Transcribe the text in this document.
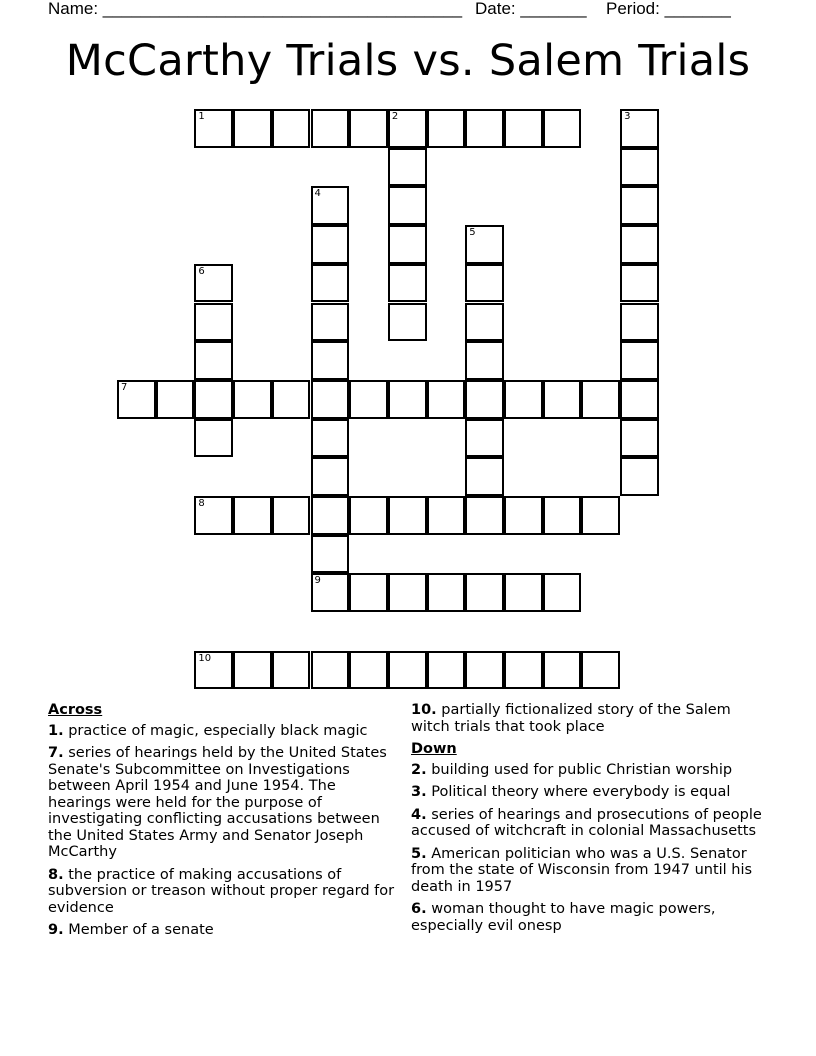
Name: ______________________________________ Date: _______ Period: _______
McCarthy Trials vs. Salem Trials
1	2	3
4
5
6
7
8
9
10
Across
1. practice of magic, especially black magic
7. series of hearings held by the United States Senate's Subcommittee on Investigations between April 1954 and June 1954. The hearings were held for the purpose of investigating conflicting accusations between the United States Army and Senator Joseph McCarthy
8. the practice of making accusations of subversion or treason without proper regard for evidence
9. Member of a senate
10. partially fictionalized story of the Salem witch trials that took place
Down
2. building used for public Christian worship
3. Political theory where everybody is equal
4. series of hearings and prosecutions of people accused of witchcraft in colonial Massachusetts
5. American politician who was a U.S. Senator from the state of Wisconsin from 1947 until his death in 1957
6. woman thought to have magic powers, especially evil onesp
